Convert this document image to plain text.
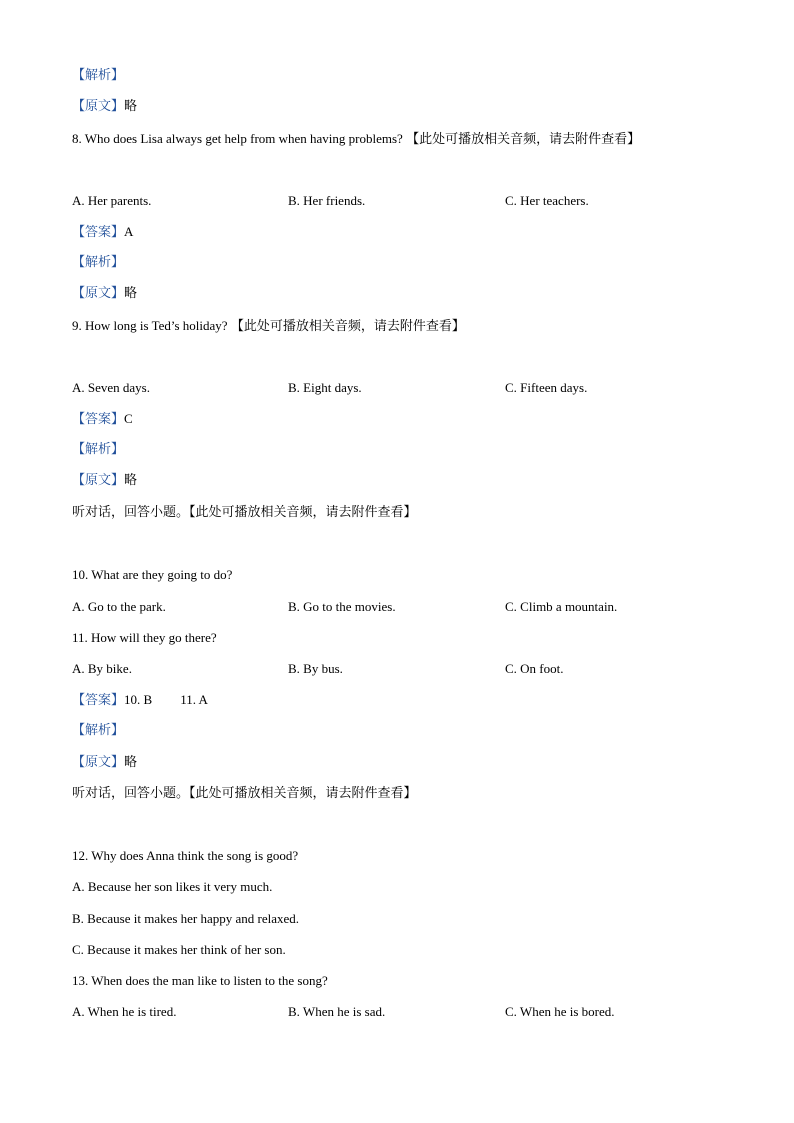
【解析】
【原文】略
8. Who does Lisa always get help from when having problems? 【此处可播放相关音频，请去附件查看】
A. Her parents.	B. Her friends.	C. Her teachers.
【答案】A
【解析】
【原文】略
9. How long is Ted’s holiday? 【此处可播放相关音频，请去附件查看】
A. Seven days.	B. Eight days.	C. Fifteen days.
【答案】C
【解析】
【原文】略
听对话，回答小题。【此处可播放相关音频，请去附件查看】
10. What are they going to do?
A. Go to the park.	B. Go to the movies.	C. Climb a mountain.
11. How will they go there?
A. By bike.	B. By bus.	C. On foot.
【答案】10. B 11. A
【解析】
【原文】略
听对话，回答小题。【此处可播放相关音频，请去附件查看】
12. Why does Anna think the song is good?
A. Because her son likes it very much.
B. Because it makes her happy and relaxed.
C. Because it makes her think of her son.
13. When does the man like to listen to the song?
A. When he is tired.	B. When he is sad.	C. When he is bored.
